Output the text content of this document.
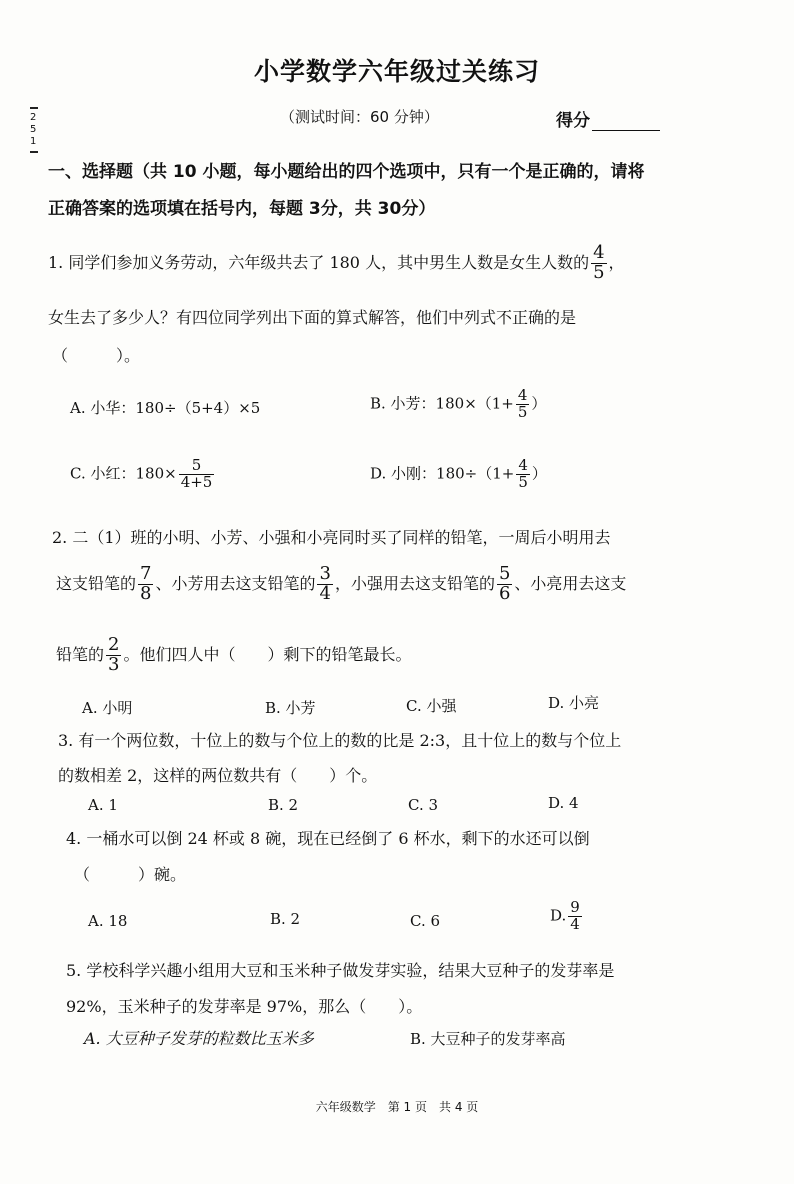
小学数学六年级过关练习
（测试时间：60 分钟）	得分
2 5 1
一、选择题（共 10 小题，每小题给出的四个选项中，只有一个是正确的，请将
正确答案的选项填在括号内，每题 3分，共 30分）
1. 同学们参加义务劳动，六年级共去了 180 人，其中男生人数是女生人数的 $\frac{4}{5}$ ，
女生去了多少人？有四位同学列出下面的算式解答，他们中列式不正确的是
（　　　）。
A. 小华：180÷（5+4）×5	B. 小芳：$180\times(1+ \frac{4}{5}$ ）
C. 小红：$180\times \frac{5}{4+5}$	D. 小刚：$180\div(1+ \frac{4}{5}$ ）
2. 二（1）班的小明、小芳、小强和小亮同时买了同样的铅笔，一周后小明用去
这支铅笔的 $\frac{7}{8}$ 、小芳用去这支铅笔的 $\frac{3}{4}$ ，小强用去这支铅笔的 $\frac{5}{6}$ 、小亮用去这支
铅笔的 $\frac{2}{3}$ 。他们四人中（　　）剩下的铅笔最长。
A. 小明	B. 小芳	C. 小强	D. 小亮
3. 有一个两位数，十位上的数与个位上的数的比是 2:3，且十位上的数与个位上
的数相差 2，这样的两位数共有（　　）个。
A. 1	B. 2	C. 3	D. 4
4. 一桶水可以倒 24 杯或 8 碗，现在已经倒了 6 杯水，剩下的水还可以倒
（　　　）碗。
A. 18	B. 2	C. 6	D. $\frac{9}{4}$
5. 学校科学兴趣小组用大豆和玉米种子做发芽实验，结果大豆种子的发芽率是
92%，玉米种子的发芽率是 97%，那么（　　）。
A. 大豆种子发芽的粒数比玉米多	B. 大豆种子的发芽率高
六年级数学　第 1 页　共 4 页
